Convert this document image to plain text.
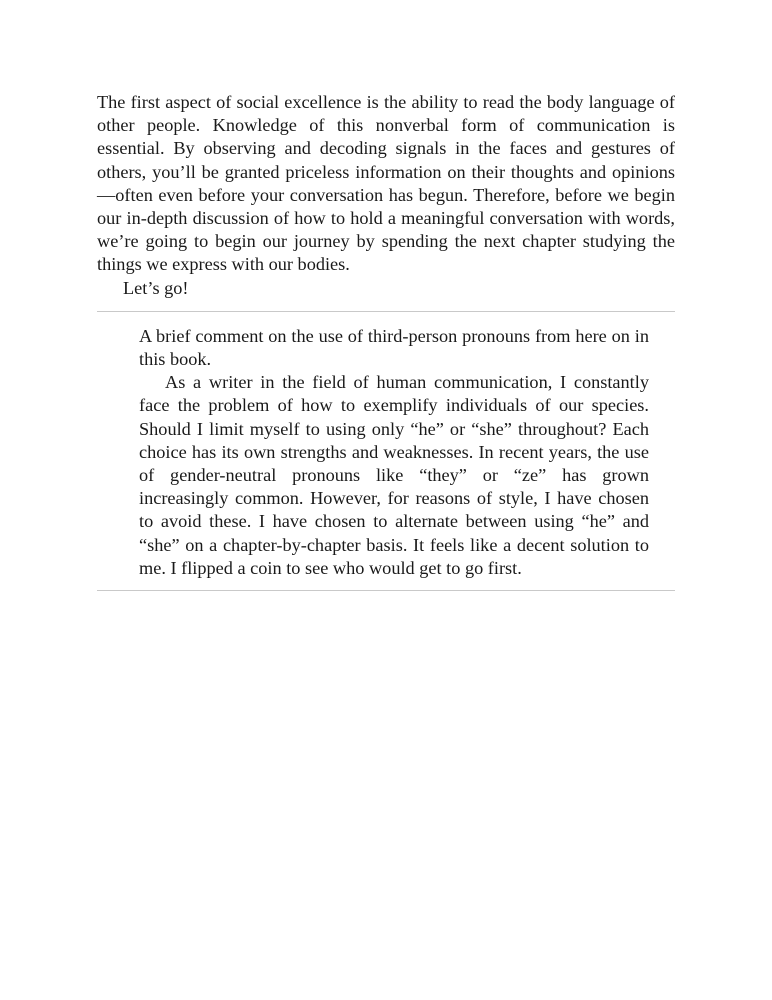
The first aspect of social excellence is the ability to read the body language of other people. Knowledge of this nonverbal form of communication is essential. By observing and decoding signals in the faces and gestures of others, you’ll be granted priceless information on their thoughts and opinions—often even before your conversation has begun. Therefore, before we begin our in-depth discussion of how to hold a meaningful conversation with words, we’re going to begin our journey by spending the next chapter studying the things we express with our bodies.

Let’s go!

A brief comment on the use of third-person pronouns from here on in this book.

As a writer in the field of human communication, I constantly face the problem of how to exemplify individuals of our species. Should I limit myself to using only “he” or “she” throughout? Each choice has its own strengths and weaknesses. In recent years, the use of gender-neutral pronouns like “they” or “ze” has grown increasingly common. However, for reasons of style, I have chosen to avoid these. I have chosen to alternate between using “he” and “she” on a chapter-by-chapter basis. It feels like a decent solution to me. I flipped a coin to see who would get to go first.
